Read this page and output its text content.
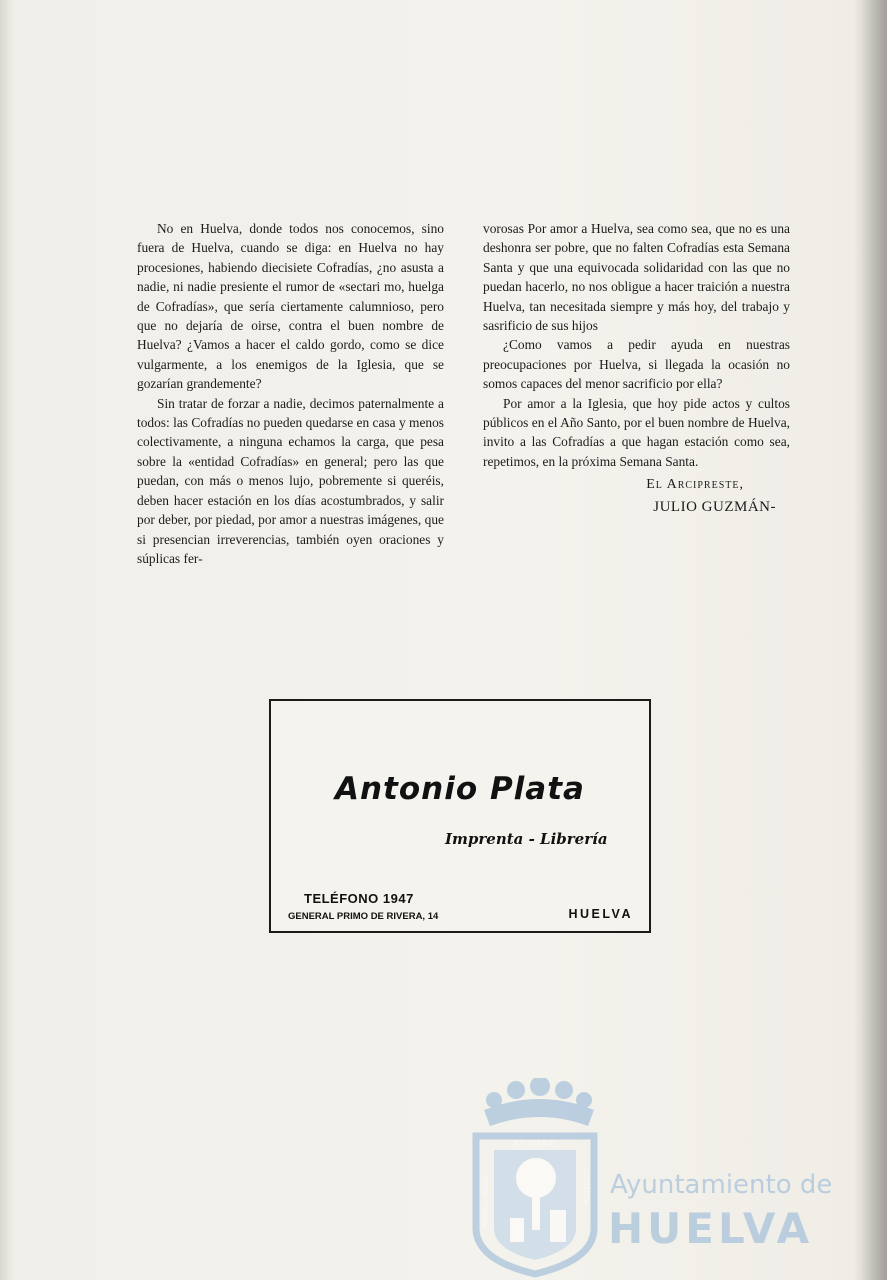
No en Huelva, donde todos nos conocemos, sino fuera de Huelva, cuando se diga: en Huelva no hay procesiones, habiendo diecisiete Cofradías, ¿no asusta a nadie, ni nadie presiente el rumor de «sectari mo, huelga de Cofradías», que sería ciertamente calumnioso, pero que no dejaría de oirse, contra el buen nombre de Huelva? ¿Vamos a hacer el caldo gordo, como se dice vulgarmente, a los enemigos de la Iglesia, que se gozarían grandemente?

Sin tratar de forzar a nadie, decimos paternalmente a todos: las Cofradías no pueden quedarse en casa y menos colectivamente, a ninguna echamos la carga, que pesa sobre la «entidad Cofradías» en general; pero las que puedan, con más o menos lujo, pobremente si queréis, deben hacer estación en los días acostumbrados, y salir por deber, por piedad, por amor a nuestras imágenes, que si presencian irreverencias, también oyen oraciones y súplicas fer-

vorosas Por amor a Huelva, sea como sea, que no es una deshonra ser pobre, que no falten Cofradías esta Semana Santa y que una equivocada solidaridad con las que no puedan hacerlo, no nos obligue a hacer traición a nuestra Huelva, tan necesitada siempre y más hoy, del trabajo y sasrificio de sus hijos

¿Como vamos a pedir ayuda en nuestras preocupaciones por Huelva, si llegada la ocasión no somos capaces del menor sacrificio por ella?

Por amor a la Iglesia, que hoy pide actos y cultos públicos en el Año Santo, por el buen nombre de Huelva, invito a las Cofradías a que hagan estación como sea, repetimos, en la próxima Semana Santa.

El Arcipreste,
JULIO GUZMÁN-
Antonio Plata
Imprenta - Librería
TELÉFONO 1947
GENERAL PRIMO DE RIVERA, 14	HUELVA
ET TERRÆ
PORTUS MARIS	CUSTODIA Ayuntamiento de
HUELVA
